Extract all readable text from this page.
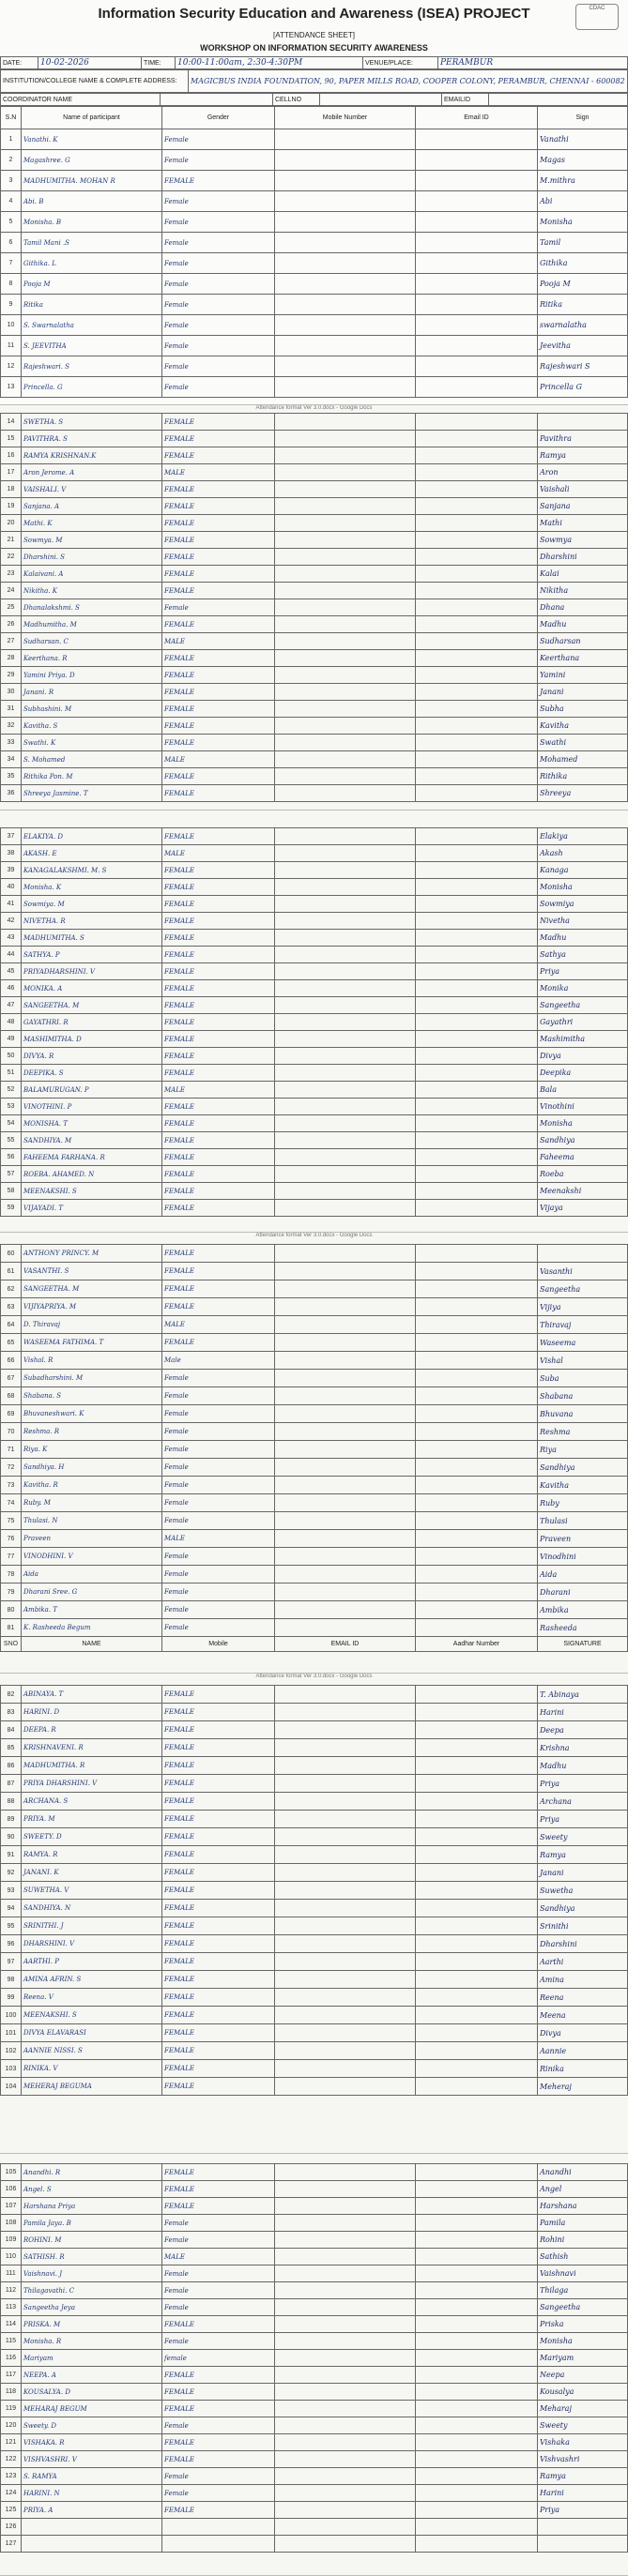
Information Security Education and Awareness (ISEA) PROJECT	CDAC
[ATTENDANCE SHEET]
WORKSHOP ON INFORMATION SECURITY AWARENESS
DATE:	10-02-2026	TIME:	10:00-11:00am, 2:30-4:30PM	VENUE/PLACE:	PERAMBUR
INSTITUTION/COLLEGE NAME & COMPLETE ADDRESS:	MAGICBUS INDIA FOUNDATION, 90, PAPER MILLS ROAD, COOPER COLONY, PERAMBUR, CHENNAI - 600082
COORDINATOR NAME		CELLNO		EMAILID	
S.N	Name of participant	Gender	Mobile Number	Email ID	Sign
1	Vanathi. K	Female			Vanathi
2	Magashree. G	Female			Magas
3	MADHUMITHA. MOHAN R	FEMALE			M.mithra
4	Abi. B	Female			Abi
5	Monisha. B	Female			Monisha
6	Tamil Mani .S	Female			Tamil
7	Githika. L	Female			Githika
8	Pooja M	Female			Pooja M
9	Ritika	Female			Ritika
10	S. Swarnalatha	Female			swarnalatha
11	S. JEEVITHA	Female			Jeevitha
12	Rajeshwari. S	Female			Rajeshwari S
13	Princella. G	Female			Princella G
Attendance format Ver 3.0.docx - Google Docs
14	SWETHA. S	FEMALE			
15	PAVITHRA. S	FEMALE			Pavithra
16	RAMYA KRISHNAN.K	FEMALE			Ramya
17	Aron Jerome. A	MALE			Aron
18	VAISHALI. V	FEMALE			Vaishali
19	Sanjana. A	FEMALE			Sanjana
20	Mathi. K	FEMALE			Mathi
21	Sowmya. M	FEMALE			Sowmya
22	Dharshini. S	FEMALE			Dharshini
23	Kalaivani. A	FEMALE			Kalai
24	Nikitha. K	FEMALE			Nikitha
25	Dhanalakshmi. S	Female			Dhana
26	Madhumitha. M	FEMALE			Madhu
27	Sudharsan. C	MALE			Sudharsan
28	Keerthana. R	FEMALE			Keerthana
29	Yamini Priya. D	FEMALE			Yamini
30	Janani. R	FEMALE			Janani
31	Subhashini. M	FEMALE			Subha
32	Kavitha. S	FEMALE			Kavitha
33	Swathi. K	FEMALE			Swathi
34	S. Mohamed	MALE			Mohamed
35	Rithika Pon. M	FEMALE			Rithika
36	Shreeya Jasmine. T	FEMALE			Shreeya
37	ELAKIYA. D	FEMALE			Elakiya
38	AKASH. E	MALE			Akash
39	KANAGALAKSHMI. M. S	FEMALE			Kanaga
40	Monisha. K	FEMALE			Monisha
41	Sowmiya. M	FEMALE			Sowmiya
42	NIVETHA. R	FEMALE			Nivetha
43	MADHUMITHA. S	FEMALE			Madhu
44	SATHYA. P	FEMALE			Sathya
45	PRIYADHARSHINI. V	FEMALE			Priya
46	MONIKA. A	FEMALE			Monika
47	SANGEETHA. M	FEMALE			Sangeetha
48	GAYATHRI. R	FEMALE			Gayathri
49	MASHIMITHA. D	FEMALE			Mashimitha
50	DIVYA. R	FEMALE			Divya
51	DEEPIKA. S	FEMALE			Deepika
52	BALAMURUGAN. P	MALE			Bala
53	VINOTHINI. P	FEMALE			Vinothini
54	MONISHA. T	FEMALE			Monisha
55	SANDHIYA. M	FEMALE			Sandhiya
56	FAHEEMA FARHANA. R	FEMALE			Faheema
57	ROEBA. AHAMED. N	FEMALE			Roeba
58	MEENAKSHI. S	FEMALE			Meenakshi
59	VIJAYADI. T	FEMALE			Vijaya
Attendance format Ver 3.0.docx - Google Docs
60	ANTHONY PRINCY. M	FEMALE			
61	VASANTHI. S	FEMALE			Vasanthi
62	SANGEETHA. M	FEMALE			Sangeetha
63	VIJIYAPRIYA. M	FEMALE			Vijiya
64	D. Thiravaj	MALE			Thiravaj
65	WASEEMA FATHIMA. T	FEMALE			Waseema
66	Vishal. R	Male			Vishal
67	Subadharshini. M	Female			Suba
68	Shabana. S	Female			Shabana
69	Bhuvaneshwari. K	Female			Bhuvana
70	Reshma. R	Female			Reshma
71	Riya. K	Female			Riya
72	Sandhiya. H	Female			Sandhiya
73	Kavitha. R	Female			Kavitha
74	Ruby. M	Female			Ruby
75	Thulasi. N	Female			Thulasi
76	Praveen	MALE			Praveen
77	VINODHINI. V	Female			Vinodhini
78	Aida	Female			Aida
79	Dharani Sree. G	Female			Dharani
80	Ambika. T	Female			Ambika
81	K. Rasheeda Begum	Female			Rasheeda
SNO	NAME	Mobile	EMAIL ID	Aadhar Number	SIGNATURE
Attendance format Ver 3.0.docx - Google Docs
82	ABINAYA. T	FEMALE			T. Abinaya
83	HARINI. D	FEMALE			Harini
84	DEEPA. R	FEMALE			Deepa
85	KRISHNAVENI. R	FEMALE			Krishna
86	MADHUMITHA. R	FEMALE			Madhu
87	PRIYA DHARSHINI. V	FEMALE			Priya
88	ARCHANA. S	FEMALE			Archana
89	PRIYA. M	FEMALE			Priya
90	SWEETY. D	FEMALE			Sweety
91	RAMYA. R	FEMALE			Ramya
92	JANANI. K	FEMALE			Janani
93	SUWETHA. V	FEMALE			Suwetha
94	SANDHIYA. N	FEMALE			Sandhiya
95	SRINITHI. J	FEMALE			Srinithi
96	DHARSHINI. V	FEMALE			Dharshini
97	AARTHI. P	FEMALE			Aarthi
98	AMINA AFRIN. S	FEMALE			Amina
99	Reena. V	FEMALE			Reena
100	MEENAKSHI. S	FEMALE			Meena
101	DIVYA ELAVARASI	FEMALE			Divya
102	AANNIE NISSI. S	FEMALE			Aannie
103	RINIKA. V	FEMALE			Rinika
104	MEHERAJ BEGUMA	FEMALE			Meheraj
105	Anandhi. R	FEMALE			Anandhi
106	Angel. S	FEMALE			Angel
107	Harshana Priya	FEMALE			Harshana
108	Pamila Jaya. B	Female			Pamila
109	ROHINI. M	Female			Rohini
110	SATHISH. R	MALE			Sathish
111	Vaishnavi. J	Female			Vaishnavi
112	Thilagavathi. C	Female			Thilaga
113	Sangeetha Jeya	Female			Sangeetha
114	PRISKA. M	FEMALE			Priska
115	Monisha. R	Female			Monisha
116	Mariyam	female			Mariyam
117	NEEPA. A	FEMALE			Neepa
118	KOUSALYA. D	FEMALE			Kousalya
119	MEHARAJ BEGUM	FEMALE			Meharaj
120	Sweety. D	Female			Sweety
121	VISHAKA. R	FEMALE			Vishaka
122	VISHVASHRI. V	FEMALE			Vishvashri
123	S. RAMYA	Female			Ramya
124	HARINI. N	Female			Harini
125	PRIYA. A	FEMALE			Priya
126					
127					
